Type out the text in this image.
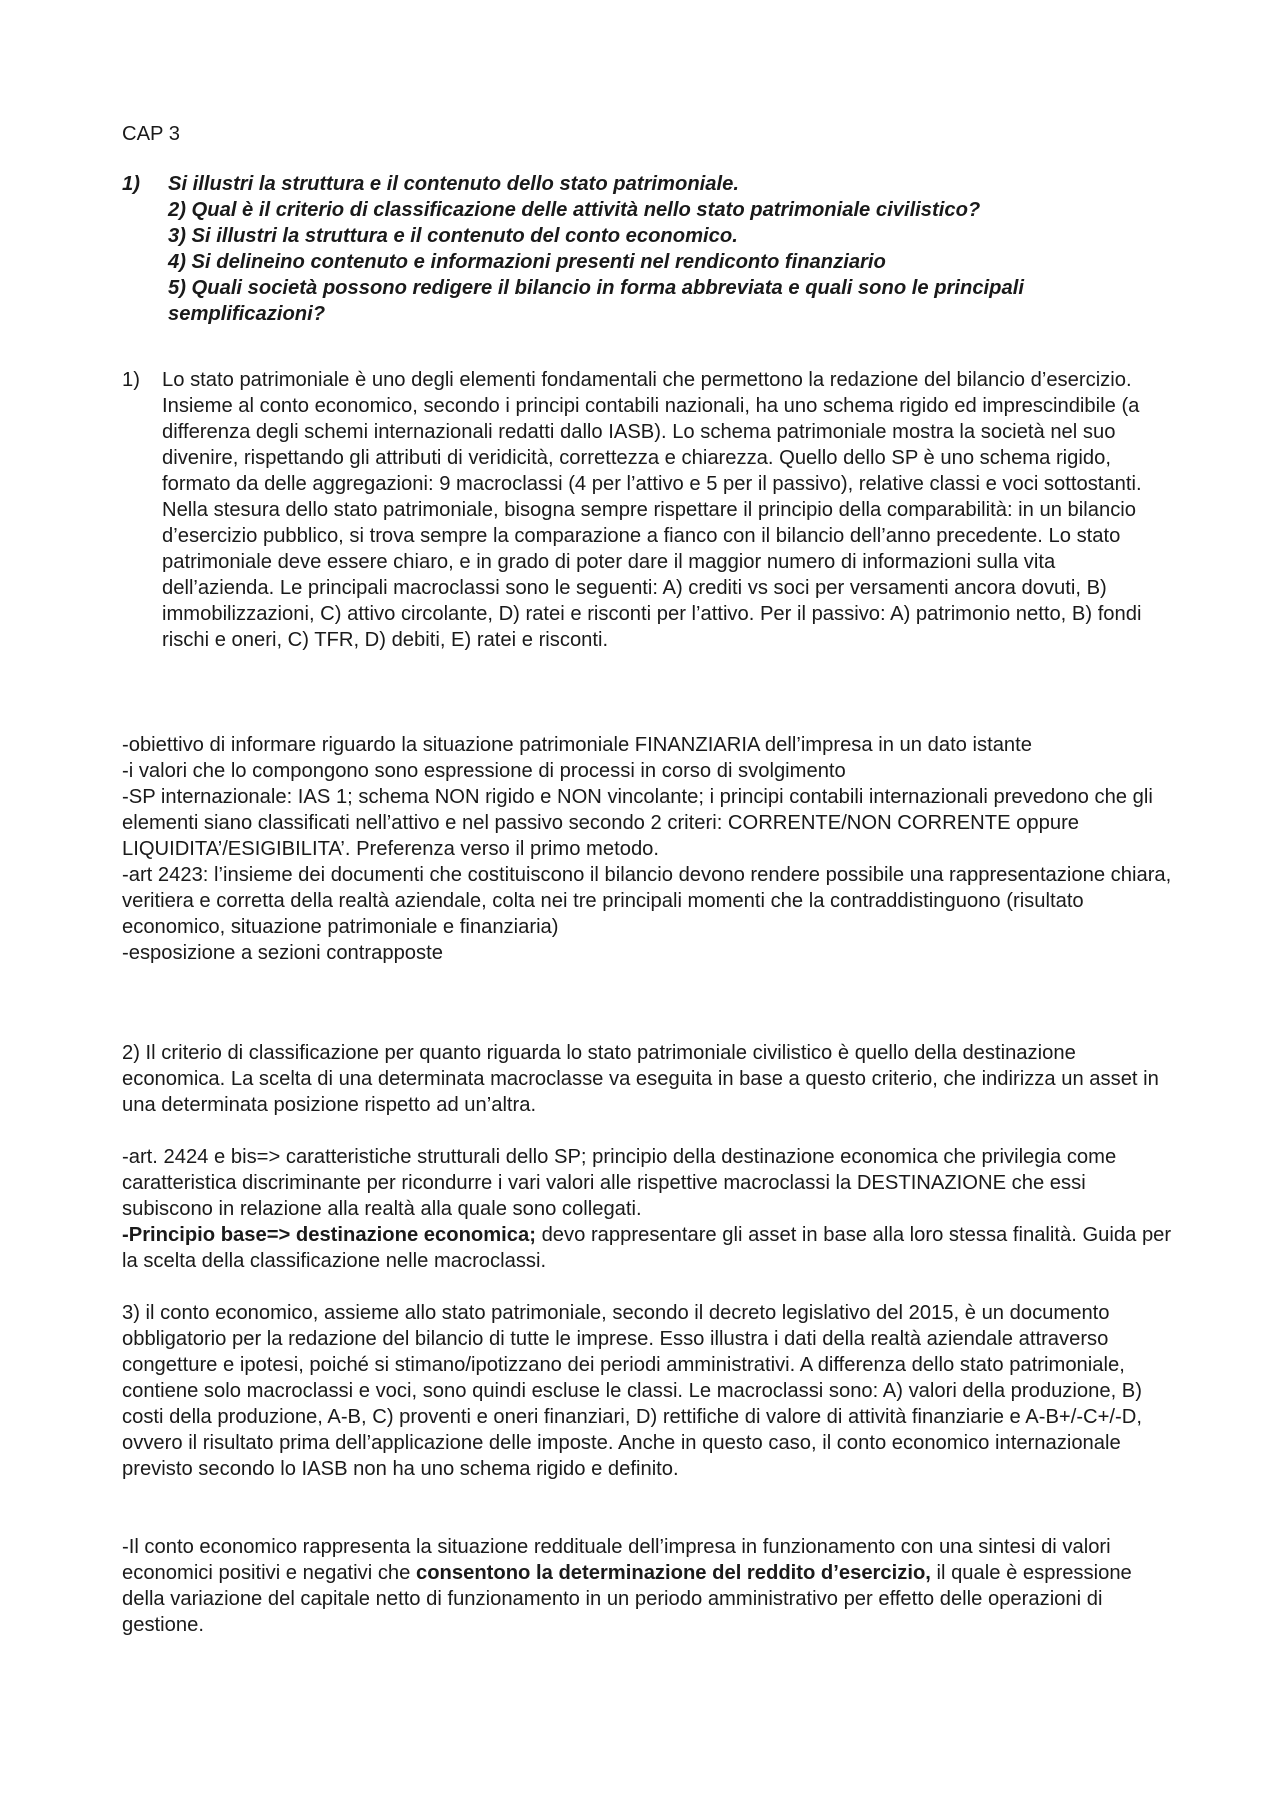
CAP 3
1) Si illustri la struttura e il contenuto dello stato patrimoniale.
2) Qual è il criterio di classificazione delle attività nello stato patrimoniale civilistico?
3) Si illustri la struttura e il contenuto del conto economico.
4) Si delineino contenuto e informazioni presenti nel rendiconto finanziario
5) Quali società possono redigere il bilancio in forma abbreviata e quali sono le principali semplificazioni?
1)	Lo stato patrimoniale è uno degli elementi fondamentali che permettono la redazione del bilancio d’esercizio. Insieme al conto economico, secondo i principi contabili nazionali, ha uno schema rigido ed imprescindibile (a differenza degli schemi internazionali redatti dallo IASB). Lo schema patrimoniale mostra la società nel suo divenire, rispettando gli attributi di veridicità, correttezza e chiarezza. Quello dello SP è uno schema rigido, formato da delle aggregazioni: 9 macroclassi (4 per l’attivo e 5 per il passivo), relative classi e voci sottostanti. Nella stesura dello stato patrimoniale, bisogna sempre rispettare il principio della comparabilità: in un bilancio d’esercizio pubblico, si trova sempre la comparazione a fianco con il bilancio dell’anno precedente. Lo stato patrimoniale deve essere chiaro, e in grado di poter dare il maggior numero di informazioni sulla vita dell’azienda. Le principali macroclassi sono le seguenti: A) crediti vs soci per versamenti ancora dovuti, B) immobilizzazioni, C) attivo circolante, D) ratei e risconti per l’attivo. Per il passivo: A) patrimonio netto, B) fondi rischi e oneri, C) TFR, D) debiti, E) ratei e risconti.

-obiettivo di informare riguardo la situazione patrimoniale FINANZIARIA dell’impresa in un dato istante

-i valori che lo compongono sono espressione di processi in corso di svolgimento

-SP internazionale: IAS 1; schema NON rigido e NON vincolante; i principi contabili internazionali prevedono che gli elementi siano classificati nell’attivo e nel passivo secondo 2 criteri: CORRENTE/NON CORRENTE oppure LIQUIDITA’/ESIGIBILITA’. Preferenza verso il primo metodo.

-art 2423: l’insieme dei documenti che costituiscono il bilancio devono rendere possibile una rappresentazione chiara, veritiera e corretta della realtà aziendale, colta nei tre principali momenti che la contraddistinguono (risultato economico, situazione patrimoniale e finanziaria)

-esposizione a sezioni contrapposte

2) Il criterio di classificazione per quanto riguarda lo stato patrimoniale civilistico è quello della destinazione economica. La scelta di una determinata macroclasse va eseguita in base a questo criterio, che indirizza un asset in una determinata posizione rispetto ad un’altra.

-art. 2424 e bis=> caratteristiche strutturali dello SP; principio della destinazione economica che privilegia come caratteristica discriminante per ricondurre i vari valori alle rispettive macroclassi la DESTINAZIONE che essi subiscono in relazione alla realtà alla quale sono collegati.

-Principio base=> destinazione economica; devo rappresentare gli asset in base alla loro stessa finalità. Guida per la scelta della classificazione nelle macroclassi.

3) il conto economico, assieme allo stato patrimoniale, secondo il decreto legislativo del 2015, è un documento obbligatorio per la redazione del bilancio di tutte le imprese. Esso illustra i dati della realtà aziendale attraverso congetture e ipotesi, poiché si stimano/ipotizzano dei periodi amministrativi. A differenza dello stato patrimoniale, contiene solo macroclassi e voci, sono quindi escluse le classi. Le macroclassi sono: A) valori della produzione, B) costi della produzione, A-B, C) proventi e oneri finanziari, D) rettifiche di valore di attività finanziarie e A-B+/-C+/-D, ovvero il risultato prima dell’applicazione delle imposte. Anche in questo caso, il conto economico internazionale previsto secondo lo IASB non ha uno schema rigido e definito.

-Il conto economico rappresenta la situazione reddituale dell’impresa in funzionamento con una sintesi di valori economici positivi e negativi che consentono la determinazione del reddito d’esercizio, il quale è espressione della variazione del capitale netto di funzionamento in un periodo amministrativo per effetto delle operazioni di gestione.
